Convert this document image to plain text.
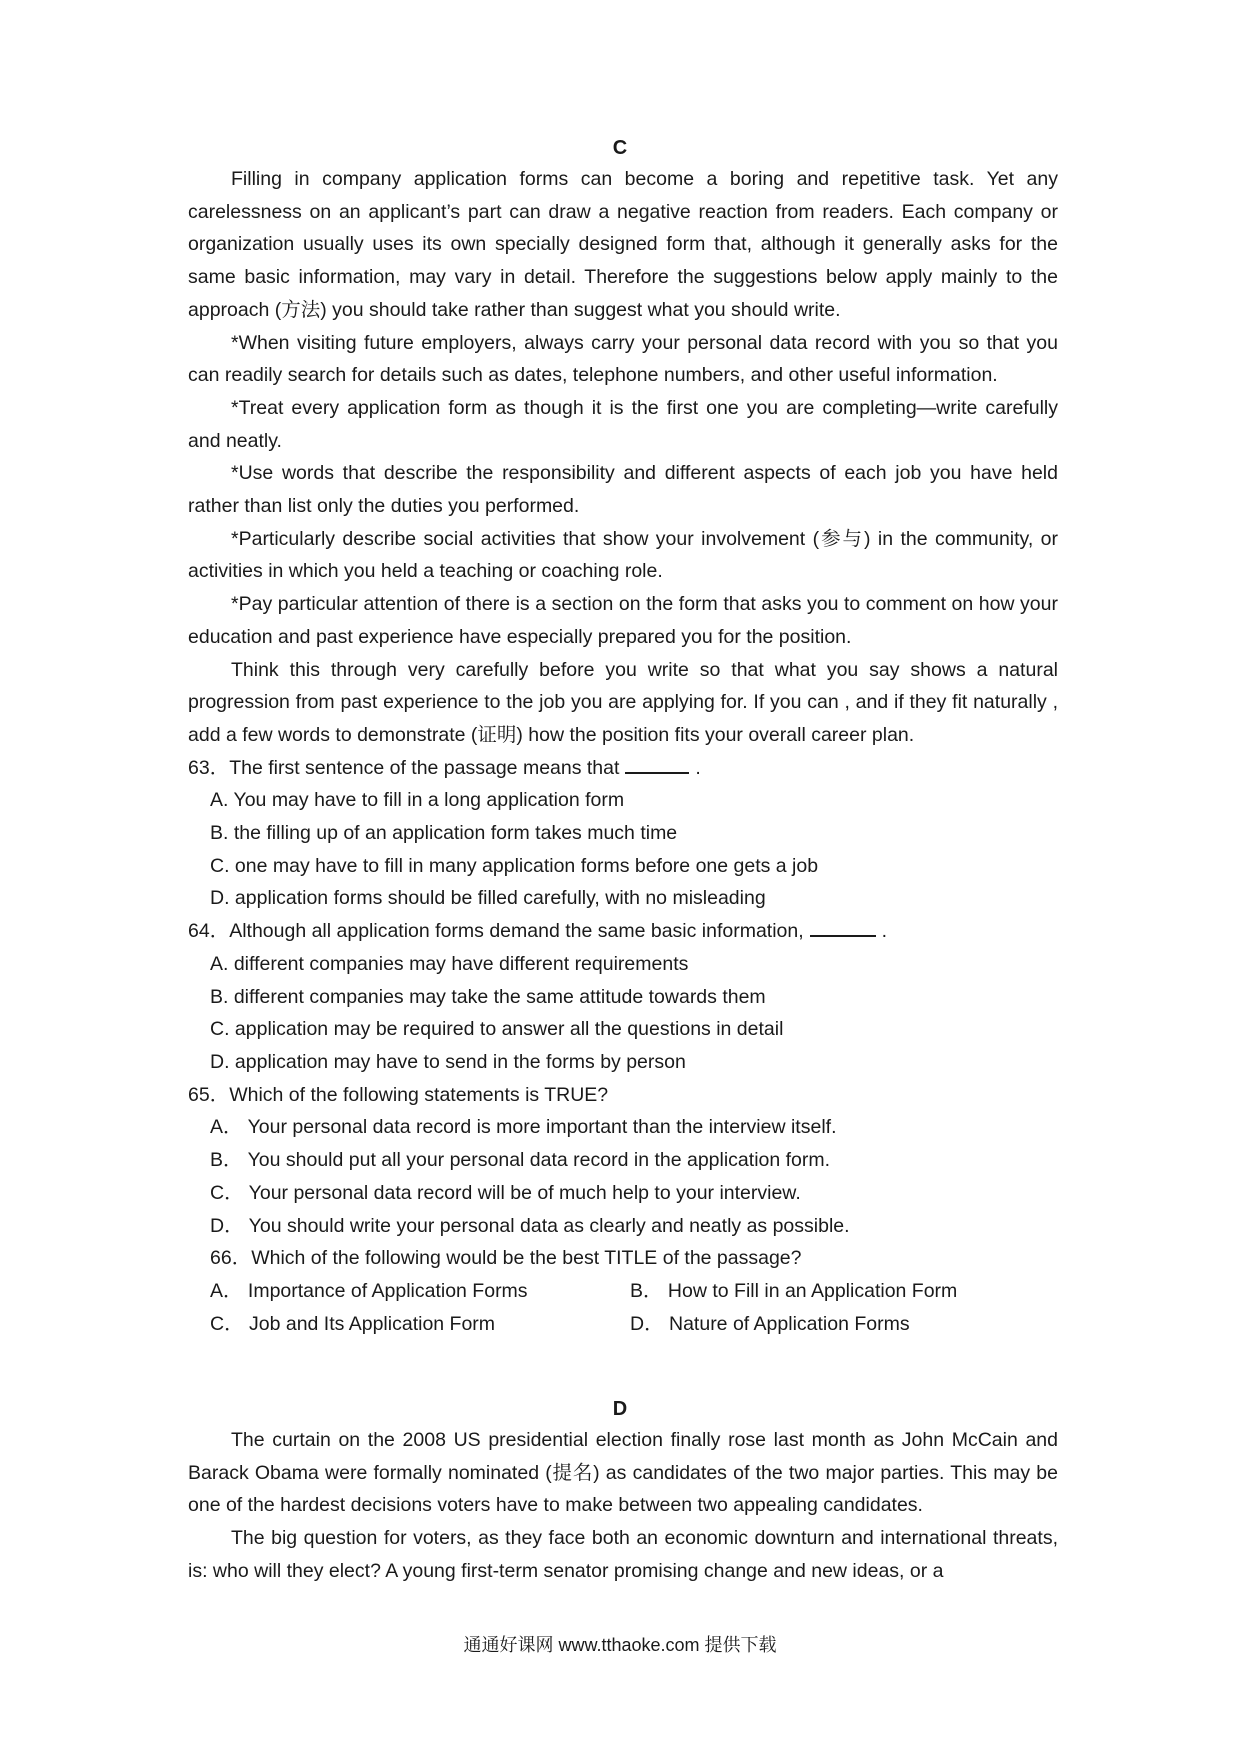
C

Filling in company application forms can become a boring and repetitive task. Yet any carelessness on an applicant’s part can draw a negative reaction from readers. Each company or organization usually uses its own specially designed form that, although it generally asks for the same basic information, may vary in detail. Therefore the suggestions below apply mainly to the approach (方法) you should take rather than suggest what you should write.

*When visiting future employers, always carry your personal data record with you so that you can readily search for details such as dates, telephone numbers, and other useful information.

*Treat every application form as though it is the first one you are completing—write carefully and neatly.

*Use words that describe the responsibility and different aspects of each job you have held rather than list only the duties you performed.

*Particularly describe social activities that show your involvement (参与) in the community, or activities in which you held a teaching or coaching role.

*Pay particular attention of there is a section on the form that asks you to comment on how your education and past experience have especially prepared you for the position.

Think this through very carefully before you write so that what you say shows a natural progression from past experience to the job you are applying for. If you can , and if they fit naturally , add a few words to demonstrate (证明) how the position fits your overall career plan.

63．The first sentence of the passage means that	.

A. You may have to fill in a long application form

B. the filling up of an application form takes much time

C. one may have to fill in many application forms before one gets a job

D. application forms should be filled carefully, with no misleading

64．Although all application forms demand the same basic information,	.

A. different companies may have different requirements

B. different companies may take the same attitude towards them

C. application may be required to answer all the questions in detail

D. application may have to send in the forms by person

65．Which of the following statements is TRUE?

A． Your personal data record is more important than the interview itself.

B． You should put all your personal data record in the application form.

C． Your personal data record will be of much help to your interview.

D． You should write your personal data as clearly and neatly as possible.

66．Which of the following would be the best TITLE of the passage?

A． Importance of Application Forms	B． How to Fill in an Application Form
C． Job and Its Application Form	D． Nature of Application Forms
D

The curtain on the 2008 US presidential election finally rose last month as John McCain and Barack Obama were formally nominated (提名) as candidates of the two major parties. This may be one of the hardest decisions voters have to make between two appealing candidates.

The big question for voters, as they face both an economic downturn and international threats, is: who will they elect? A young first-term senator promising change and new ideas, or a

通通好课网 www.tthaoke.com 提供下载
